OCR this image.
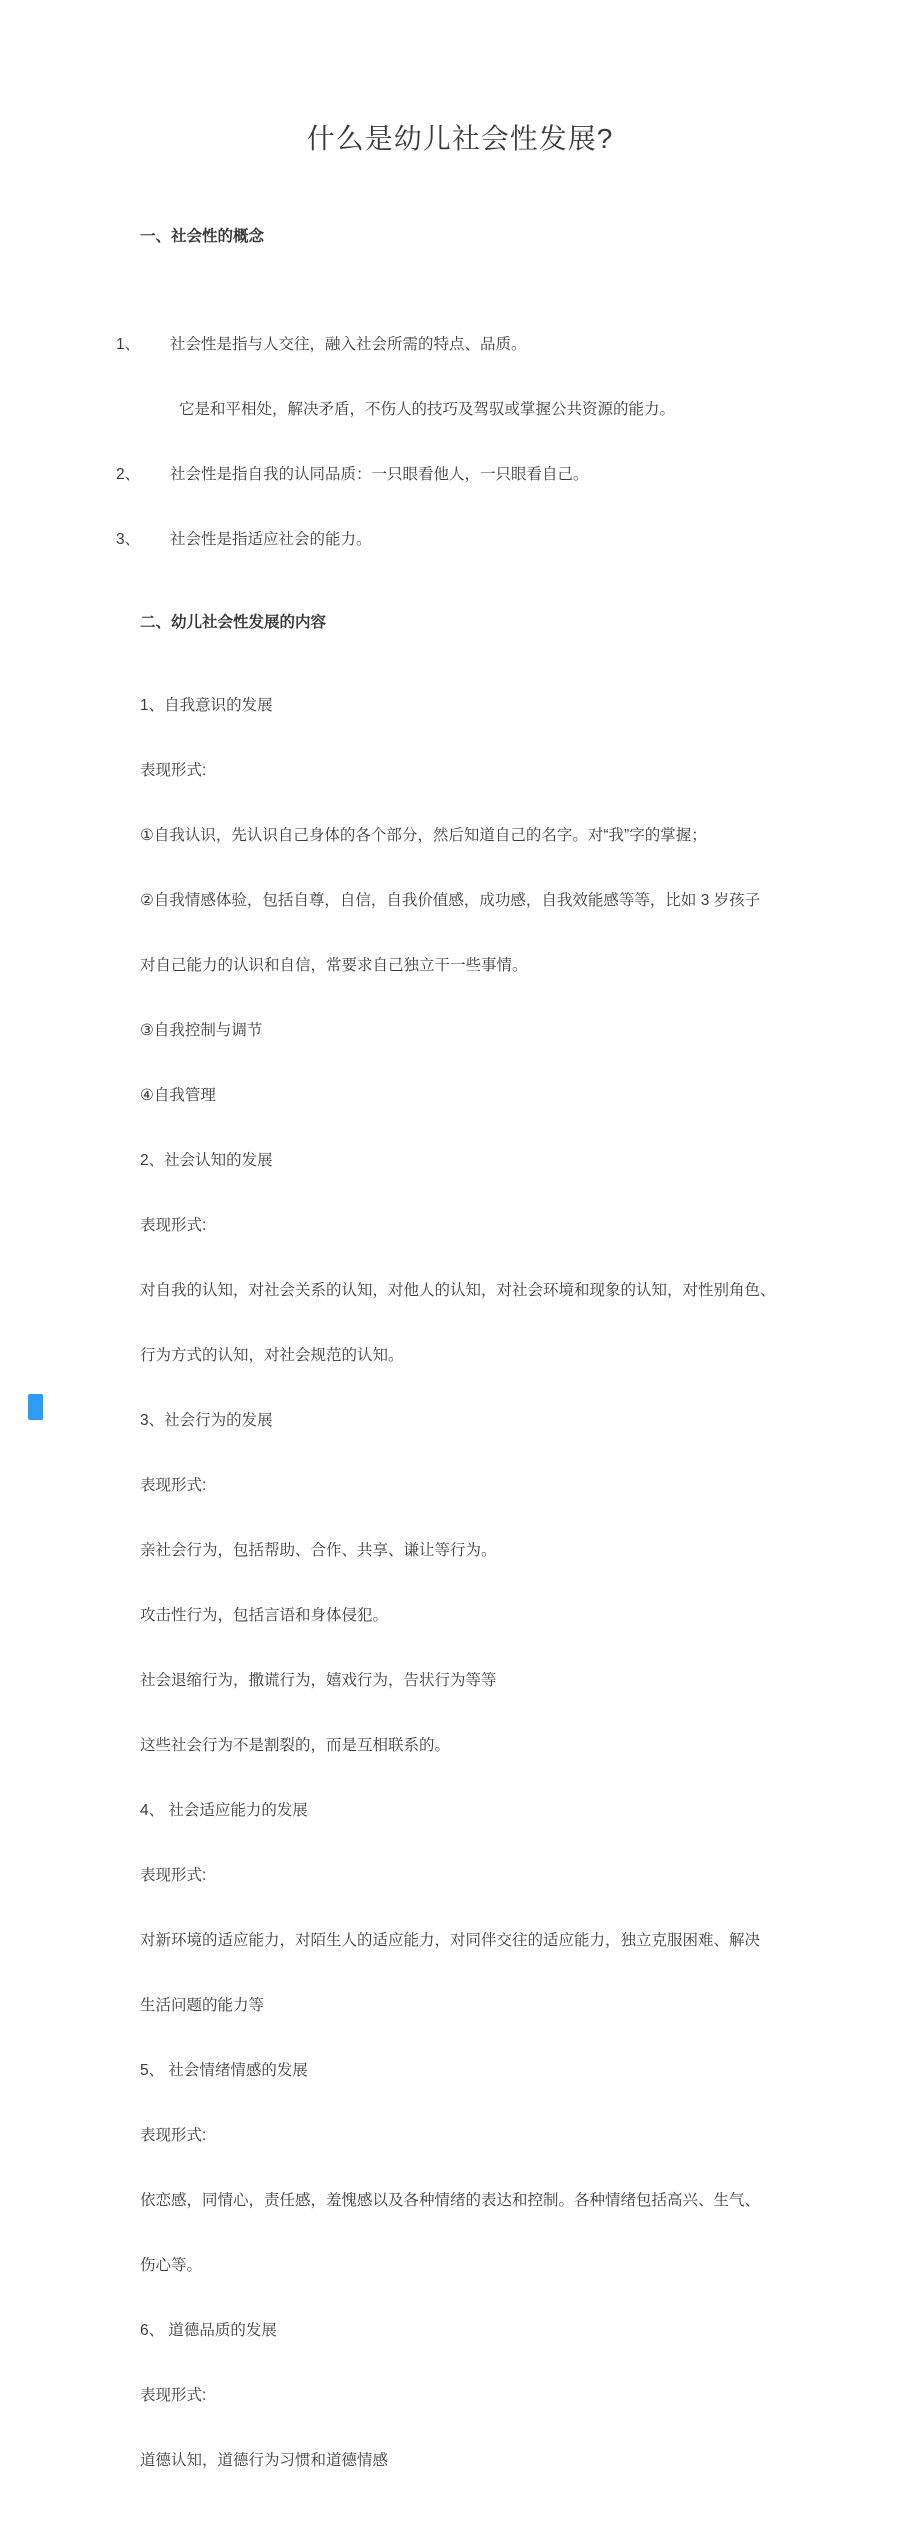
什么是幼儿社会性发展?

一、社会性的概念

1、 社会性是指与人交往，融入社会所需的特点、品质。

它是和平相处，解决矛盾，不伤人的技巧及驾驭或掌握公共资源的能力。

2、 社会性是指自我的认同品质：一只眼看他人，一只眼看自己。

3、 社会性是指适应社会的能力。

二、幼儿社会性发展的内容

1、自我意识的发展

表现形式:

①自我认识，先认识自己身体的各个部分，然后知道自己的名字。对“我”字的掌握；

②自我情感体验，包括自尊，自信，自我价值感，成功感，自我效能感等等，比如 3 岁孩子

对自己能力的认识和自信，常要求自己独立干一些事情。

③自我控制与调节

④自我管理

2、社会认知的发展

表现形式:

对自我的认知，对社会关系的认知，对他人的认知，对社会环境和现象的认知，对性别角色、

行为方式的认知，对社会规范的认知。

3、社会行为的发展

表现形式:

亲社会行为，包括帮助、合作、共享、谦让等行为。

攻击性行为，包括言语和身体侵犯。

社会退缩行为，撒谎行为，嬉戏行为，告状行为等等

这些社会行为不是割裂的，而是互相联系的。

4、 社会适应能力的发展

表现形式:

对新环境的适应能力，对陌生人的适应能力，对同伴交往的适应能力，独立克服困难、解决

生活问题的能力等

5、 社会情绪情感的发展

表现形式:

依恋感，同情心，责任感，羞愧感以及各种情绪的表达和控制。各种情绪包括高兴、生气、

伤心等。

6、 道德品质的发展

表现形式:

道德认知，道德行为习惯和道德情感
